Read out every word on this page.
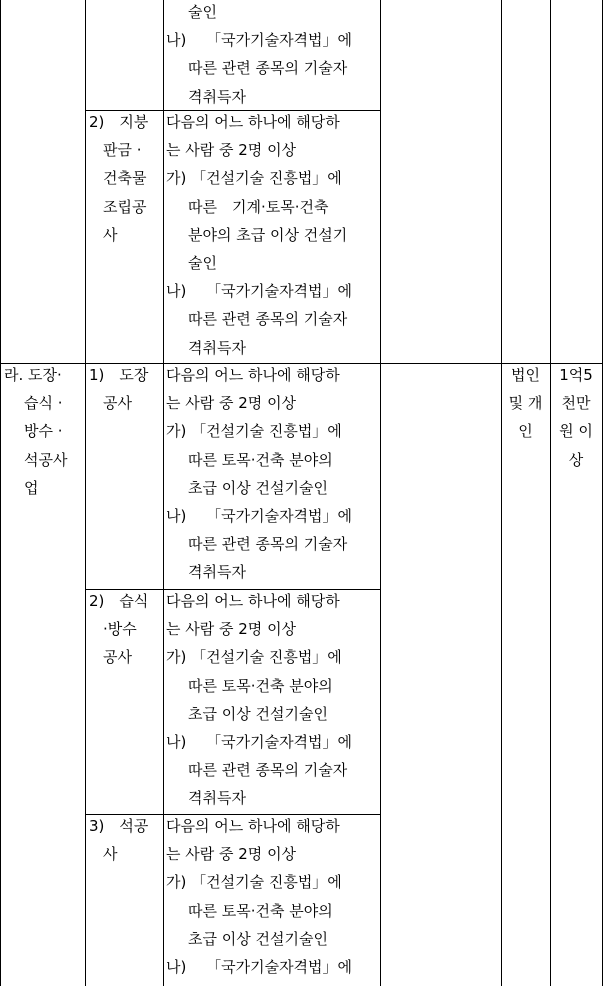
술인
나)　 「국가기술자격법」에
따른 관련 종목의 기술자
격취득자
2)　지붕
판금 ·
건축물
조립공
사
다음의 어느 하나에 해당하
는 사람 중 2명 이상
가) 「건설기술 진흥법」에
따른　기계·토목·건축
분야의 초급 이상 건설기
술인
나)　 「국가기술자격법」에
따른 관련 종목의 기술자
격취득자
라. 도장·
습식 ·
방수 ·
석공사
업
법인
및 개
인
1억5
천만
원 이
상
1)　도장
공사
다음의 어느 하나에 해당하
는 사람 중 2명 이상
가) 「건설기술 진흥법」에
따른 토목·건축 분야의
초급 이상 건설기술인
나)　 「국가기술자격법」에
따른 관련 종목의 기술자
격취득자
2)　습식
·방수
공사
다음의 어느 하나에 해당하
는 사람 중 2명 이상
가) 「건설기술 진흥법」에
따른 토목·건축 분야의
초급 이상 건설기술인
나)　 「국가기술자격법」에
따른 관련 종목의 기술자
격취득자
3)　석공
사
다음의 어느 하나에 해당하
는 사람 중 2명 이상
가) 「건설기술 진흥법」에
따른 토목·건축 분야의
초급 이상 건설기술인
나)　 「국가기술자격법」에
